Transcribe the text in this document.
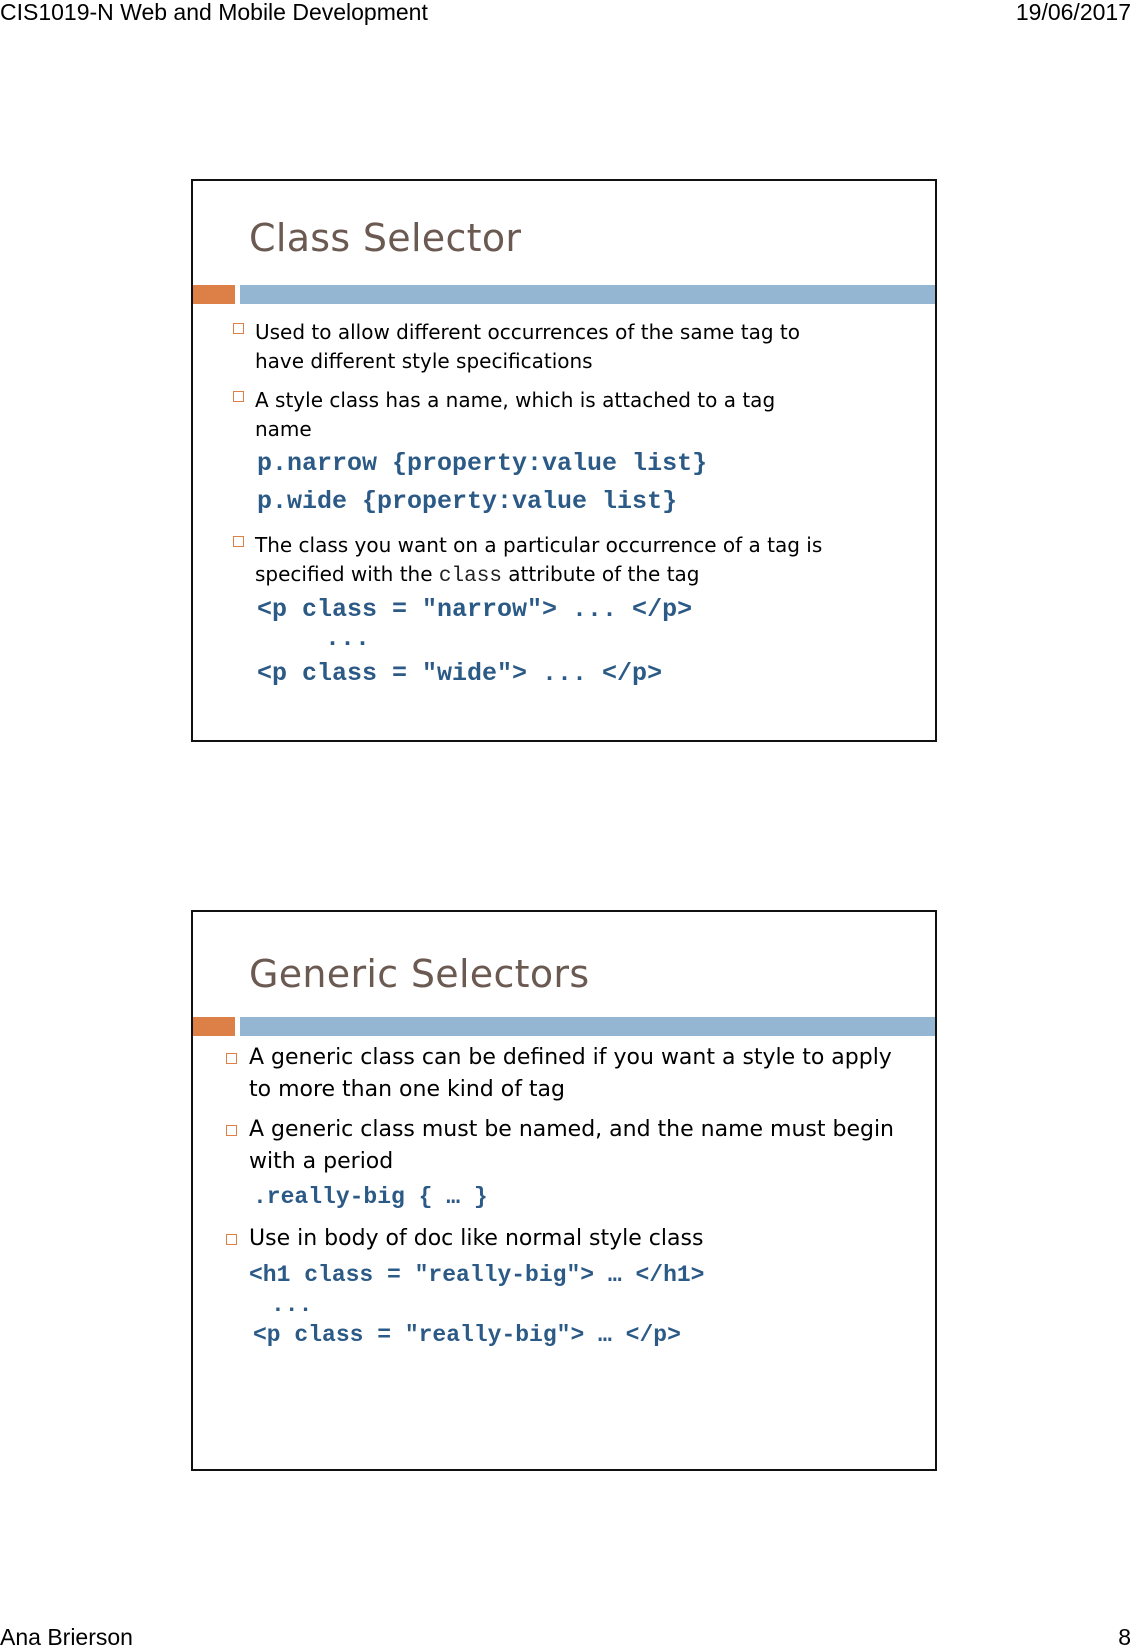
CIS1019-N Web and Mobile Development	19/06/2017
Class Selector
Used to allow different occurrences of the same tag to
have different style specifications
A style class has a name, which is attached to a tag
name
p.narrow {property:value list}
p.wide {property:value list}
The class you want on a particular occurrence of a tag is
specified with the class attribute of the tag
<p class = "narrow"> ... </p>
...
<p class = "wide"> ... </p>
Generic Selectors
A generic class can be defined if you want a style to apply
to more than one kind of tag
A generic class must be named, and the name must begin
with a period
.really-big { … }
Use in body of doc like normal style class
<h1 class = "really-big"> … </h1>
...
<p class = "really-big"> … </p>
Ana Brierson	8
